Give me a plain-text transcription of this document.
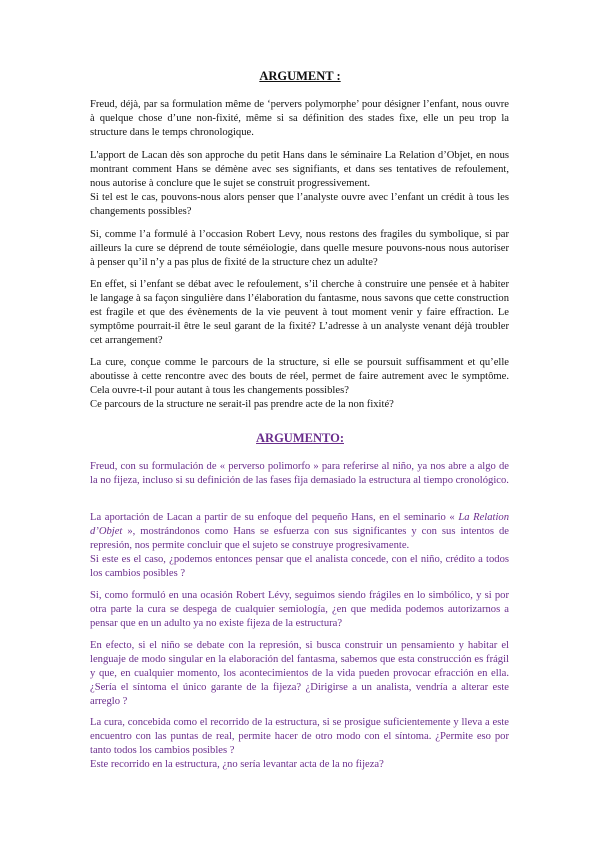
ARGUMENT :

Freud, déjà, par sa formulation même de ‘pervers polymorphe’ pour désigner l’enfant, nous ouvre à quelque chose d’une non-fixité, même si sa définition des stades fixe, elle un peu trop la structure dans le temps chronologique.

L'apport de Lacan dès son approche du petit Hans dans le séminaire La Relation d’Objet, en nous montrant comment Hans se démène avec ses signifiants, et dans ses tentatives de refoulement, nous autorise à conclure que le sujet se construit progressivement.
Si tel est le cas, pouvons-nous alors penser que l’analyste ouvre avec l’enfant un crédit à tous les changements possibles?

Si, comme l’a formulé à l’occasion Robert Levy, nous restons des fragiles du symbolique, si par ailleurs la cure se déprend de toute séméiologie, dans quelle mesure pouvons-nous nous autoriser à penser qu’il n’y a pas plus de fixité de la structure chez un adulte?

En effet, si l’enfant se débat avec le refoulement, s’il cherche à construire une pensée et à habiter le langage à sa façon singulière dans l’élaboration du fantasme, nous savons que cette construction est fragile et que des évènements de la vie peuvent à tout moment venir y faire effraction. Le symptôme pourrait-il être le seul garant de la fixité? L’adresse à un analyste venant déjà troubler cet arrangement?

La cure, conçue comme le parcours de la structure, si elle se poursuit suffisamment et qu’elle aboutisse à cette rencontre avec des bouts de réel, permet de faire autrement avec le symptôme. Cela ouvre-t-il pour autant à tous les changements possibles?
Ce parcours de la structure ne serait-il pas prendre acte de la non fixité?

ARGUMENTO:

Freud, con su formulación de « perverso polimorfo » para referirse al niño, ya nos abre a algo de la no fijeza, incluso si su definición de las fases fija demasiado la estructura al tiempo cronológico.

La aportación de Lacan a partir de su enfoque del pequeño Hans, en el seminario « La Relation d’Objet », mostrándonos como Hans se esfuerza con sus significantes y con sus intentos de represión, nos permite concluir que el sujeto se construye progresivamente.
Si este es el caso, ¿podemos entonces pensar que el analista concede, con el niño, crédito a todos los cambios posibles ?

Si, como formuló en una ocasión Robert Lévy, seguimos siendo frágiles en lo simbólico, y si por otra parte la cura se despega de cualquier semiología, ¿en que medida podemos autorizarnos a pensar que en un adulto ya no existe fijeza de la estructura?

En efecto, si el niño se debate con la represión, si busca construir un pensamiento y habitar el lenguaje de modo singular en la elaboración del fantasma, sabemos que esta construcción es frágil y que, en cualquier momento, los acontecimientos de la vida pueden provocar efracción en ella. ¿Sería el síntoma el único garante de la fijeza? ¿Dirigirse a un analista, vendría a alterar este arreglo ?

La cura, concebida como el recorrido de la estructura, si se prosigue suficientemente y lleva a este encuentro con las puntas de real, permite hacer de otro modo con el síntoma. ¿Permite eso por tanto todos los cambios posibles ?
Este recorrido en la estructura, ¿no sería levantar acta de la no fijeza?
